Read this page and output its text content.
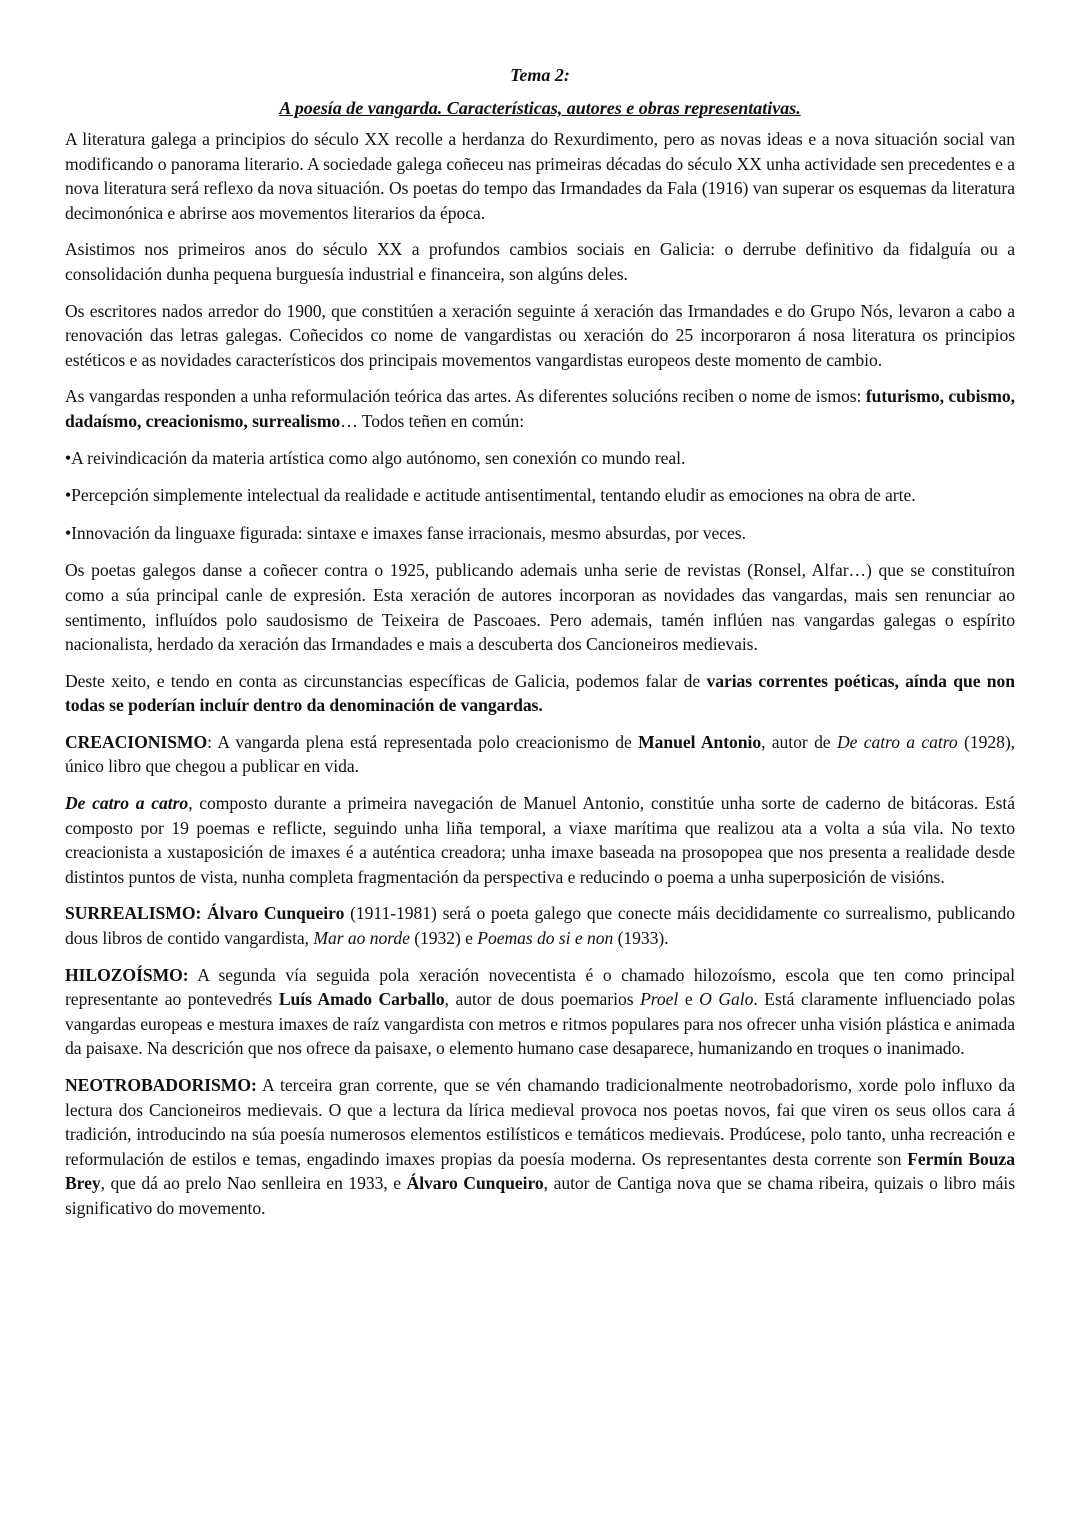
Tema 2:
A poesía de vangarda. Características, autores e obras representativas.

A literatura galega a principios do século XX recolle a herdanza do Rexurdimento, pero as novas ideas e a nova situación social van modificando o panorama literario. A sociedade galega coñeceu nas primeiras décadas do século XX unha actividade sen precedentes e a nova literatura será reflexo da nova situación. Os poetas do tempo das Irmandades da Fala (1916) van superar os esquemas da literatura decimonónica e abrirse aos movementos literarios da época.

Asistimos nos primeiros anos do século XX a profundos cambios sociais en Galicia: o derrube definitivo da fidalguía ou a consolidación dunha pequena burguesía industrial e financeira, son algúns deles.

Os escritores nados arredor do 1900, que constitúen a xeración seguinte á xeración das Irmandades e do Grupo Nós, levaron a cabo a renovación das letras galegas. Coñecidos co nome de vangardistas ou xeración do 25 incorporaron á nosa literatura os principios estéticos e as novidades característicos dos principais movementos vangardistas europeos deste momento de cambio.

As vangardas responden a unha reformulación teórica das artes. As diferentes solucións reciben o nome de ismos: futurismo, cubismo, dadaísmo, creacionismo, surrealismo… Todos teñen en común:

•A reivindicación da materia artística como algo autónomo, sen conexión co mundo real.

•Percepción simplemente intelectual da realidade e actitude antisentimental, tentando eludir as emociones na obra de arte.

•Innovación da linguaxe figurada: sintaxe e imaxes fanse irracionais, mesmo absurdas, por veces.

Os poetas galegos danse a coñecer contra o 1925, publicando ademais unha serie de revistas (Ronsel, Alfar…) que se constituíron como a súa principal canle de expresión. Esta xeración de autores incorporan as novidades das vangardas, mais sen renunciar ao sentimento, influídos polo saudosismo de Teixeira de Pascoaes. Pero ademais, tamén inflúen nas vangardas galegas o espírito nacionalista, herdado da xeración das Irmandades e mais a descuberta dos Cancioneiros medievais.

Deste xeito, e tendo en conta as circunstancias específicas de Galicia, podemos falar de varias correntes poéticas, aínda que non todas se poderían incluír dentro da denominación de vangardas.

CREACIONISMO: A vangarda plena está representada polo creacionismo de Manuel Antonio, autor de De catro a catro (1928), único libro que chegou a publicar en vida.

De catro a catro, composto durante a primeira navegación de Manuel Antonio, constitúe unha sorte de caderno de bitácoras. Está composto por 19 poemas e reflicte, seguindo unha liña temporal, a viaxe marítima que realizou ata a volta a súa vila. No texto creacionista a xustaposición de imaxes é a auténtica creadora; unha imaxe baseada na prosopopea que nos presenta a realidade desde distintos puntos de vista, nunha completa fragmentación da perspectiva e reducindo o poema a unha superposición de visións.

SURREALISMO: Álvaro Cunqueiro (1911-1981) será o poeta galego que conecte máis decididamente co surrealismo, publicando dous libros de contido vangardista, Mar ao norde (1932) e Poemas do si e non (1933).

HILOZOÍSMO: A segunda vía seguida pola xeración novecentista é o chamado hilozoísmo, escola que ten como principal representante ao pontevedrés Luís Amado Carballo, autor de dous poemarios Proel e O Galo. Está claramente influenciado polas vangardas europeas e mestura imaxes de raíz vangardista con metros e ritmos populares para nos ofrecer unha visión plástica e animada da paisaxe. Na descrición que nos ofrece da paisaxe, o elemento humano case desaparece, humanizando en troques o inanimado.

NEOTROBADORISMO: A terceira gran corrente, que se vén chamando tradicionalmente neotrobadorismo, xorde polo influxo da lectura dos Cancioneiros medievais. O que a lectura da lírica medieval provoca nos poetas novos, fai que viren os seus ollos cara á tradición, introducindo na súa poesía numerosos elementos estilísticos e temáticos medievais. Prodúcese, polo tanto, unha recreación e reformulación de estilos e temas, engadindo imaxes propias da poesía moderna. Os representantes desta corrente son Fermín Bouza Brey, que dá ao prelo Nao senlleira en 1933, e Álvaro Cunqueiro, autor de Cantiga nova que se chama ribeira, quizais o libro máis significativo do movemento.
